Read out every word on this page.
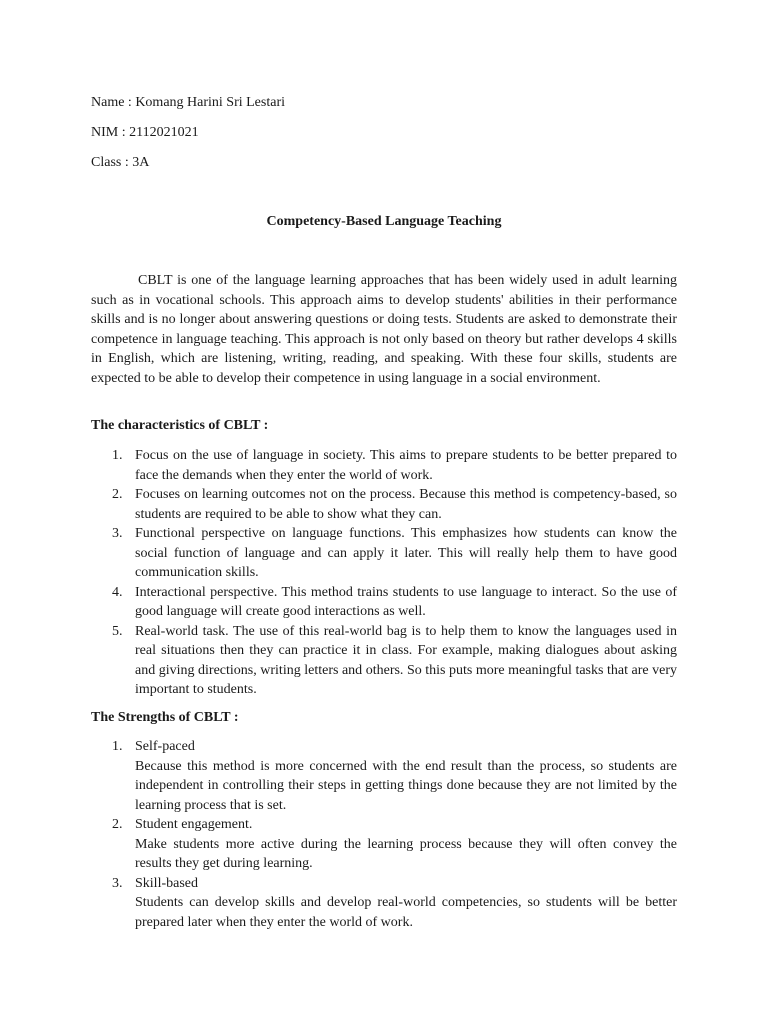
Name : Komang Harini Sri Lestari
NIM : 2112021021
Class : 3A
Competency-Based Language Teaching

CBLT is one of the language learning approaches that has been widely used in adult learning such as in vocational schools. This approach aims to develop students' abilities in their performance skills and is no longer about answering questions or doing tests. Students are asked to demonstrate their competence in language teaching. This approach is not only based on theory but rather develops 4 skills in English, which are listening, writing, reading, and speaking. With these four skills, students are expected to be able to develop their competence in using language in a social environment.

The characteristics of CBLT :
1. Focus on the use of language in society. This aims to prepare students to be better prepared to face the demands when they enter the world of work.
2. Focuses on learning outcomes not on the process. Because this method is competency-based, so students are required to be able to show what they can.
3. Functional perspective on language functions. This emphasizes how students can know the social function of language and can apply it later. This will really help them to have good communication skills.
4. Interactional perspective. This method trains students to use language to interact. So the use of good language will create good interactions as well.
5. Real-world task. The use of this real-world bag is to help them to know the languages used in real situations then they can practice it in class. For example, making dialogues about asking and giving directions, writing letters and others. So this puts more meaningful tasks that are very important to students.
The Strengths of CBLT :
1. Self-paced
Because this method is more concerned with the end result than the process, so students are independent in controlling their steps in getting things done because they are not limited by the learning process that is set.
2. Student engagement.
Make students more active during the learning process because they will often convey the results they get during learning.
3. Skill-based
Students can develop skills and develop real-world competencies, so students will be better prepared later when they enter the world of work.
